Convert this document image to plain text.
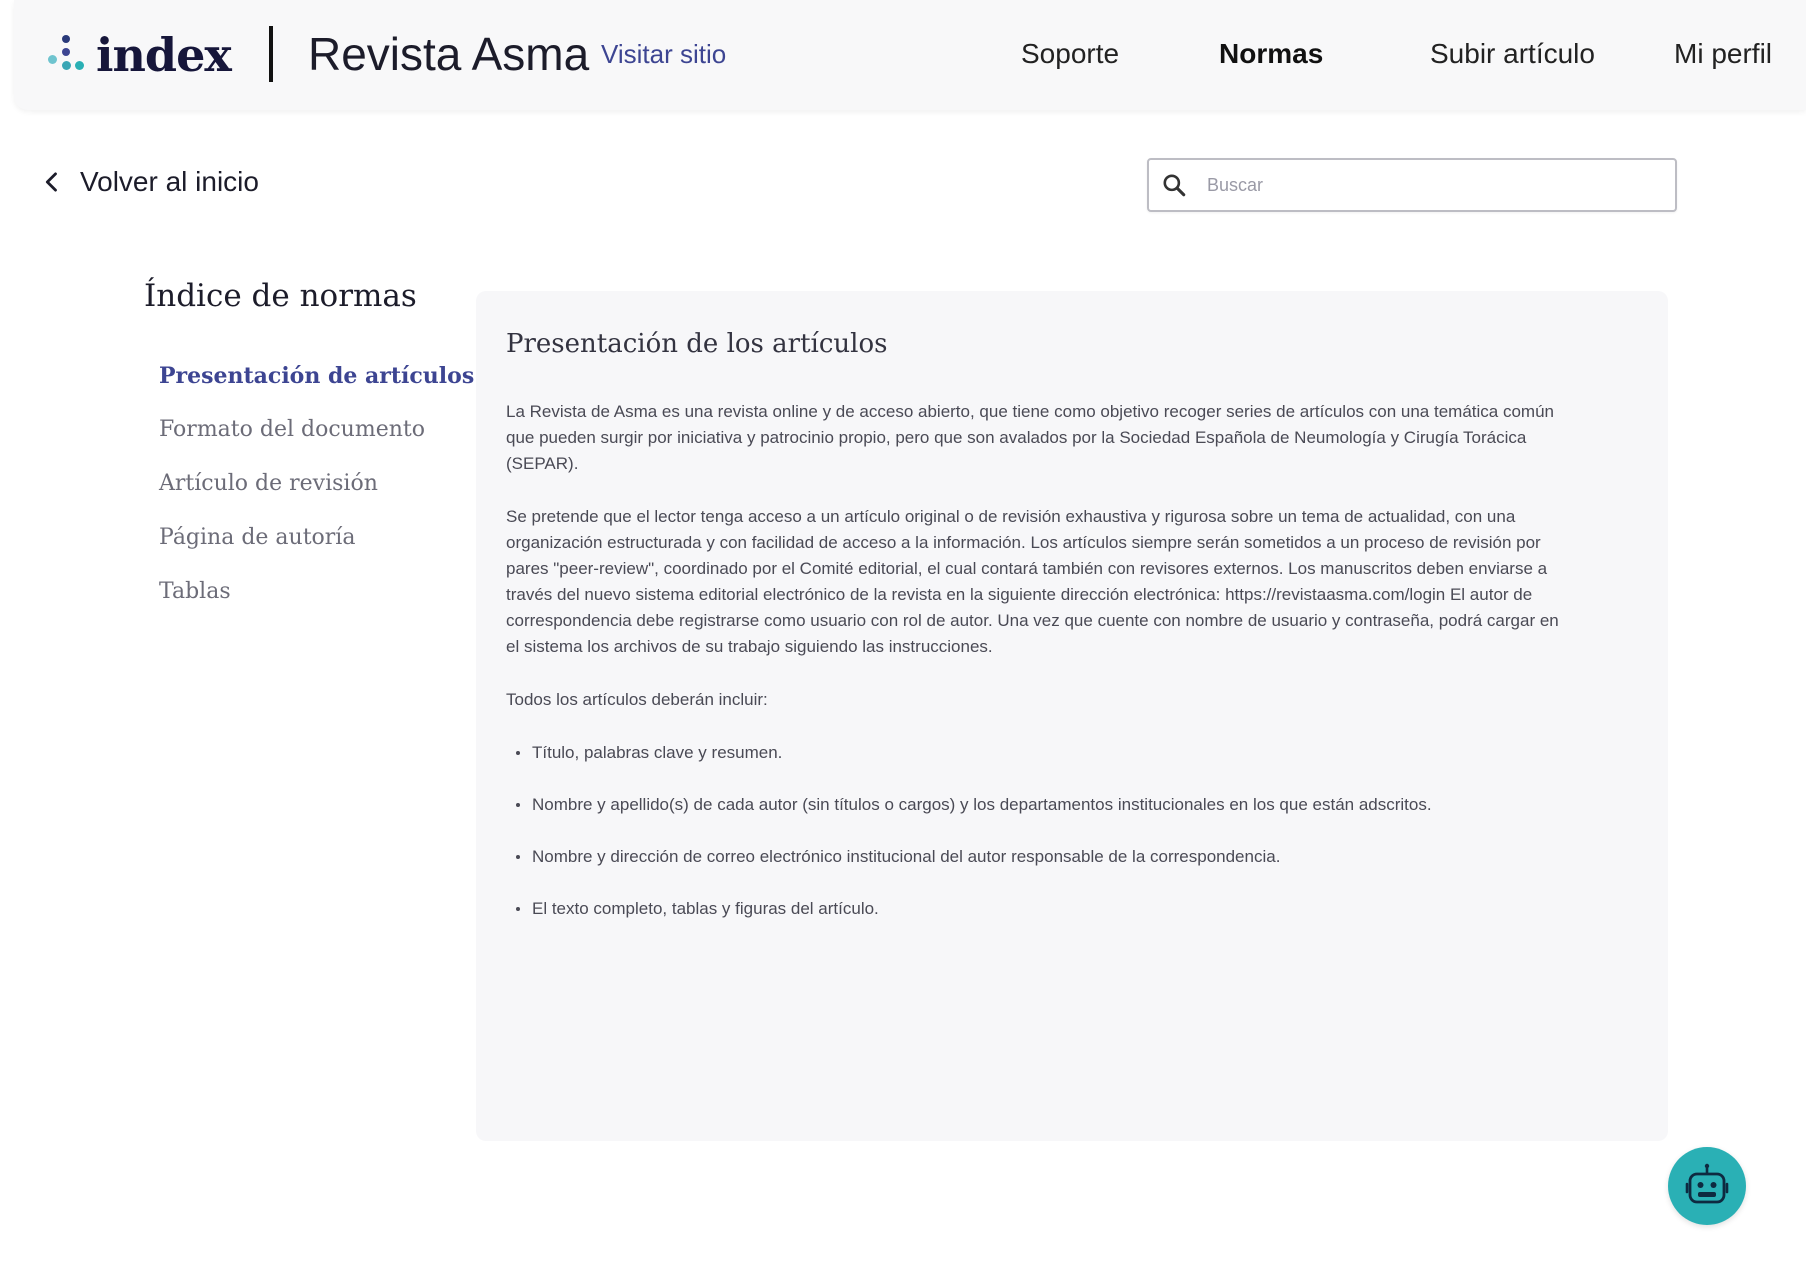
index Revista Asma Visitar sitio	Soporte	Normas	Subir artículo	Mi perfil
Volver al inicio
Buscar
Índice de normas
Presentación de artículos
Formato del documento
Artículo de revisión
Página de autoría
Tablas
Presentación de los artículos

La Revista de Asma es una revista online y de acceso abierto, que tiene como objetivo recoger series de artículos con una temática común que pueden surgir por iniciativa y patrocinio propio, pero que son avalados por la Sociedad Española de Neumología y Cirugía Torácica (SEPAR).

Se pretende que el lector tenga acceso a un artículo original o de revisión exhaustiva y rigurosa sobre un tema de actualidad, con una organización estructurada y con facilidad de acceso a la información. Los artículos siempre serán sometidos a un proceso de revisión por pares "peer-review", coordinado por el Comité editorial, el cual contará también con revisores externos. Los manuscritos deben enviarse a través del nuevo sistema editorial electrónico de la revista en la siguiente dirección electrónica: https://revistaasma.com/login El autor de correspondencia debe registrarse como usuario con rol de autor. Una vez que cuente con nombre de usuario y contraseña, podrá cargar en el sistema los archivos de su trabajo siguiendo las instrucciones.

Todos los artículos deberán incluir:

Título, palabras clave y resumen.
Nombre y apellido(s) de cada autor (sin títulos o cargos) y los departamentos institucionales en los que están adscritos.
Nombre y dirección de correo electrónico institucional del autor responsable de la correspondencia.
El texto completo, tablas y figuras del artículo.
